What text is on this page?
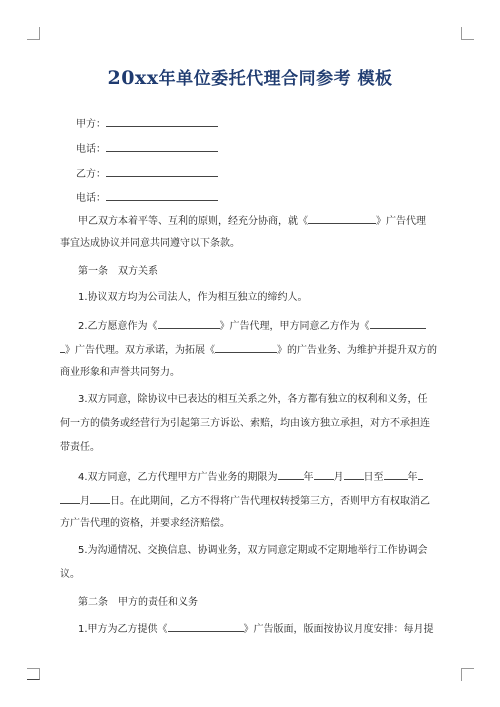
20xx年单位委托代理合同参考 模板
甲方：
电话：
乙方：
电话：
甲乙双方本着平等、互利的原则，经充分协商，就《	》广告代理
事宜达成协议并同意共同遵守以下条款。
第一条　双方关系
1.协议双方均为公司法人，作为相互独立的缔约人。
2.乙方愿意作为《	》广告代理，甲方同意乙方作为《
》广告代理。双方承诺，为拓展《	》的广告业务、为维护并提升双方的
商业形象和声誉共同努力。
3.双方同意，除协议中已表达的相互关系之外，各方都有独立的权利和义务，任
何一方的债务或经营行为引起第三方诉讼、索赔，均由该方独立承担，对方不承担连
带责任。
4.双方同意，乙方代理甲方广告业务的期限为	年 月 日至 年
月 日。在此期间，乙方不得将广告代理权转授第三方，否则甲方有权取消乙
方广告代理的资格，并要求经济赔偿。
5.为沟通情况、交换信息、协调业务，双方同意定期或不定期地举行工作协调会
议。
第二条　甲方的责任和义务
1.甲方为乙方提供《	》广告版面，版面按协议月度安排：每月提
